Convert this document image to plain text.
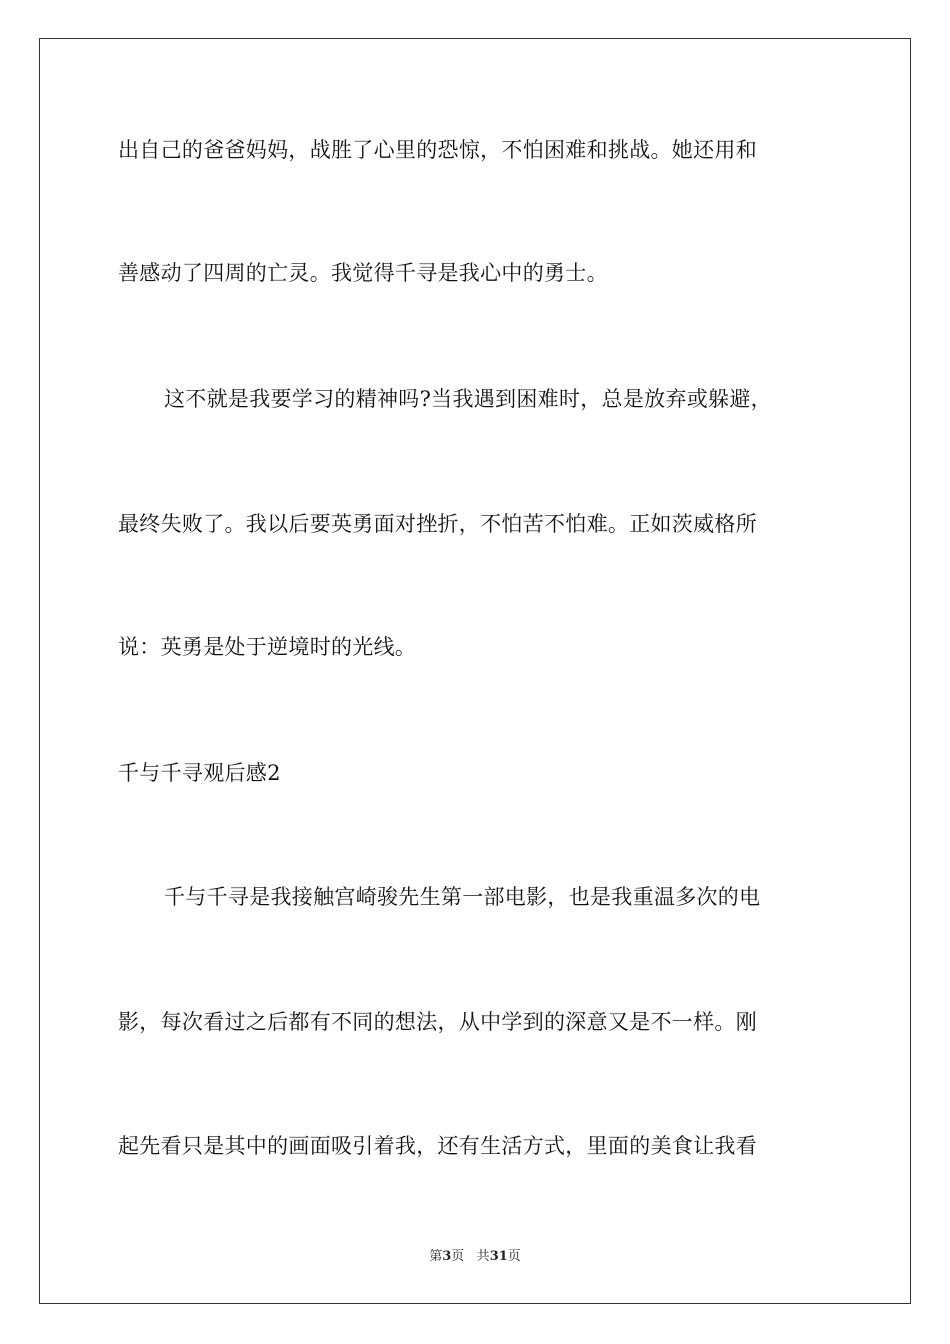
出自己的爸爸妈妈，战胜了心里的恐惊，不怕困难和挑战。她还用和
善感动了四周的亡灵。我觉得千寻是我心中的勇士。
这不就是我要学习的精神吗?当我遇到困难时，总是放弃或躲避，
最终失败了。我以后要英勇面对挫折，不怕苦不怕难。正如茨威格所
说：英勇是处于逆境时的光线。
千与千寻观后感2
千与千寻是我接触宫崎骏先生第一部电影，也是我重温多次的电
影，每次看过之后都有不同的想法，从中学到的深意又是不一样。刚
起先看只是其中的画面吸引着我，还有生活方式，里面的美食让我看
第3页 共31页
